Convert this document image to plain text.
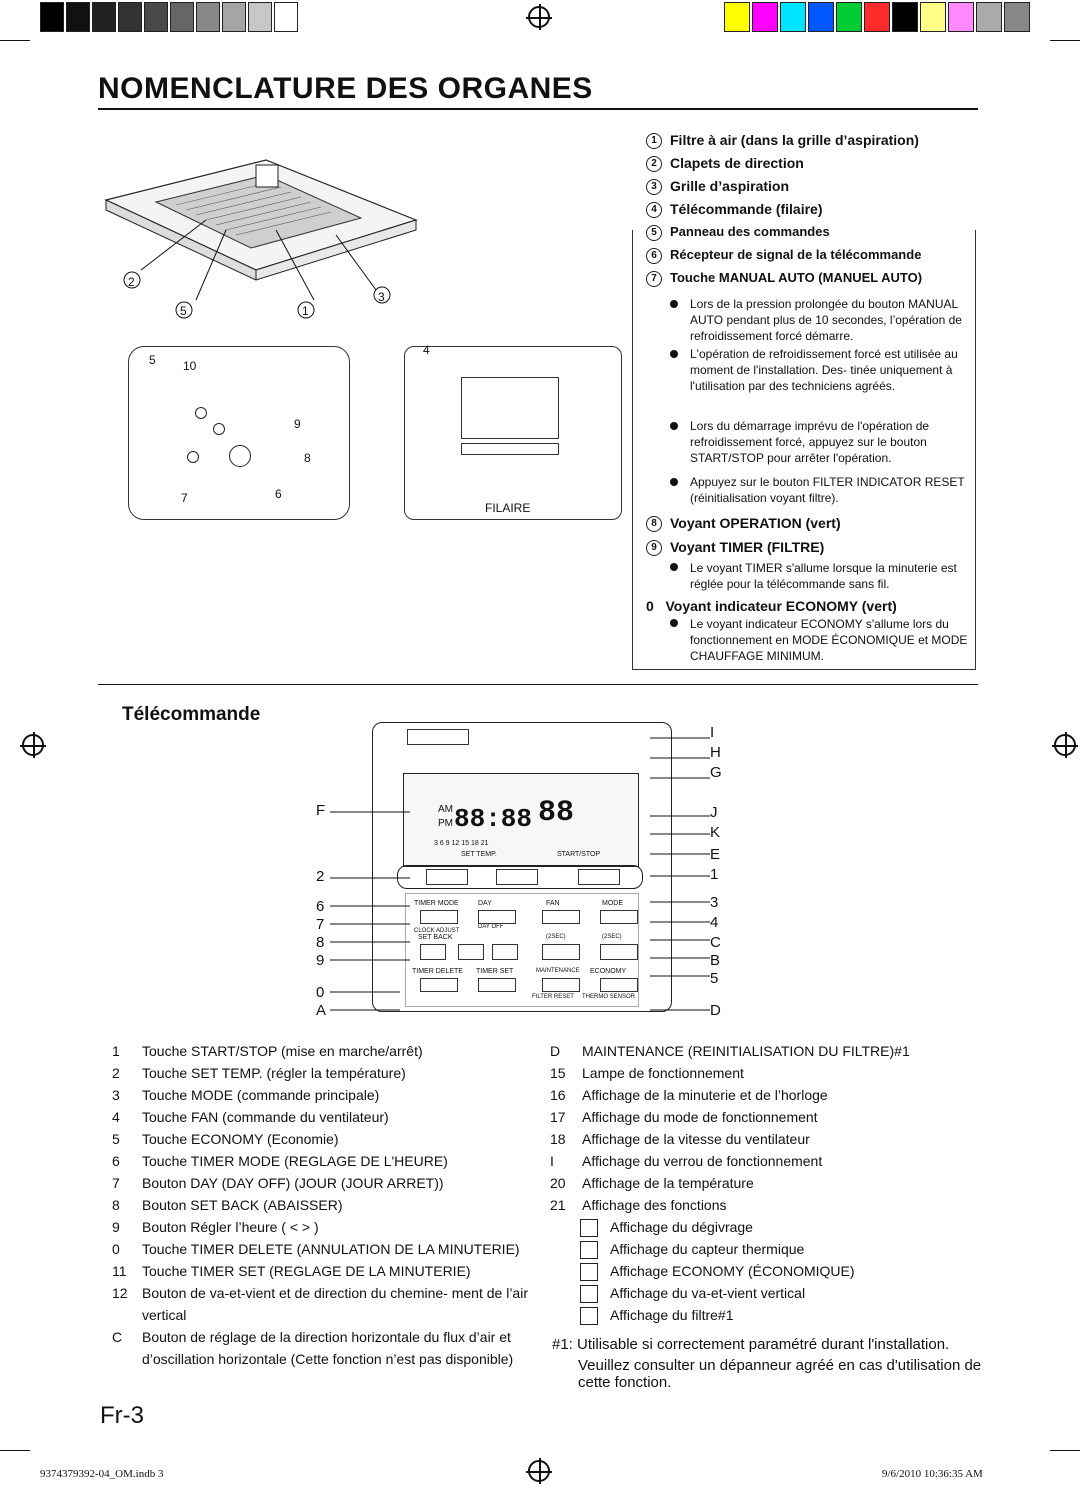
NOMENCLATURE DES ORGANES
2
5	1
3
5 10
9
8
7	6
4
FILAIRE
1 Filtre à air (dans la grille d’aspiration)
2 Clapets de direction
3 Grille d’aspiration
4 Télécommande (filaire)
5 Panneau des commandes
6 Récepteur de signal de la télécommande
7 Touche MANUAL AUTO (MANUEL AUTO)
Lors de la pression prolongée du bouton MANUAL AUTO pendant plus de 10 secondes, l’opération de refroidissement forcé démarre.
L'opération de refroidissement forcé est utilisée au moment de l'installation. Des- tinée uniquement à l'utilisation par des techniciens agréés.
Lors du démarrage imprévu de l'opération de refroidissement forcé, appuyez sur le bouton START/STOP pour arrêter l'opération.
Appuyez sur le bouton FILTER INDICATOR RESET (réinitialisation voyant filtre).
8 Voyant OPERATION (vert)
9 Voyant TIMER (FILTRE)
Le voyant TIMER s'allume lorsque la minuterie est réglée pour la télécommande sans fil.
0 Voyant indicateur ECONOMY (vert)
Le voyant indicateur ECONOMY s'allume lors du fonctionnement en MODE ÉCONOMIQUE et MODE CHAUFFAGE MINIMUM.
Télécommande
88:88 88
AM
PM
3 6 9 12 15 18 21
SET TEMP.	START/STOP
TIMER MODE	DAY	FAN	MODE
DAY OFF
CLOCK ADJUST
SET BACK	(2SEC)	(2SEC)
TIMER DELETE TIMER SET	MAINTENANCE ECONOMY
FILTER RESET THERMO SENSOR
I
H
G
J
K
E
1
3
4
C
B
5
D
F
2
6
7
8
9
0
A
1	Touche START/STOP (mise en marche/arrêt)
2	Touche SET TEMP. (régler la température)
3	Touche MODE (commande principale)
4	Touche FAN (commande du ventilateur)
5	Touche ECONOMY (Economie)
6	Touche TIMER MODE (REGLAGE DE L'HEURE)
7	Bouton DAY (DAY OFF) (JOUR (JOUR ARRET))
8	Bouton SET BACK (ABAISSER)
9	Bouton Régler l’heure ( < > )
0	Touche TIMER DELETE (ANNULATION DE LA MINUTERIE)
11	Touche TIMER SET (REGLAGE DE LA MINUTERIE)
12	Bouton de va-et-vient et de direction du chemine- ment de l’air vertical
C	Bouton de réglage de la direction horizontale du flux d’air et d’oscillation horizontale (Cette fonction n’est pas disponible)
D	MAINTENANCE (REINITIALISATION DU FILTRE)#1
15	Lampe de fonctionnement
16	Affichage de la minuterie et de l’horloge
17	Affichage du mode de fonctionnement
18	Affichage de la vitesse du ventilateur
I	Affichage du verrou de fonctionnement
20	Affichage de la température
21	Affichage des fonctions
Affichage du dégivrage
Affichage du capteur thermique
Affichage ECONOMY (ÉCONOMIQUE)
Affichage du va-et-vient vertical
Affichage du filtre#1
#1: Utilisable si correctement paramétré durant l'installation.
Veuillez consulter un dépanneur agréé en cas d'utilisation de cette fonction.
Fr-3
9374379392-04_OM.indb 3	9/6/2010 10:36:35 AM
